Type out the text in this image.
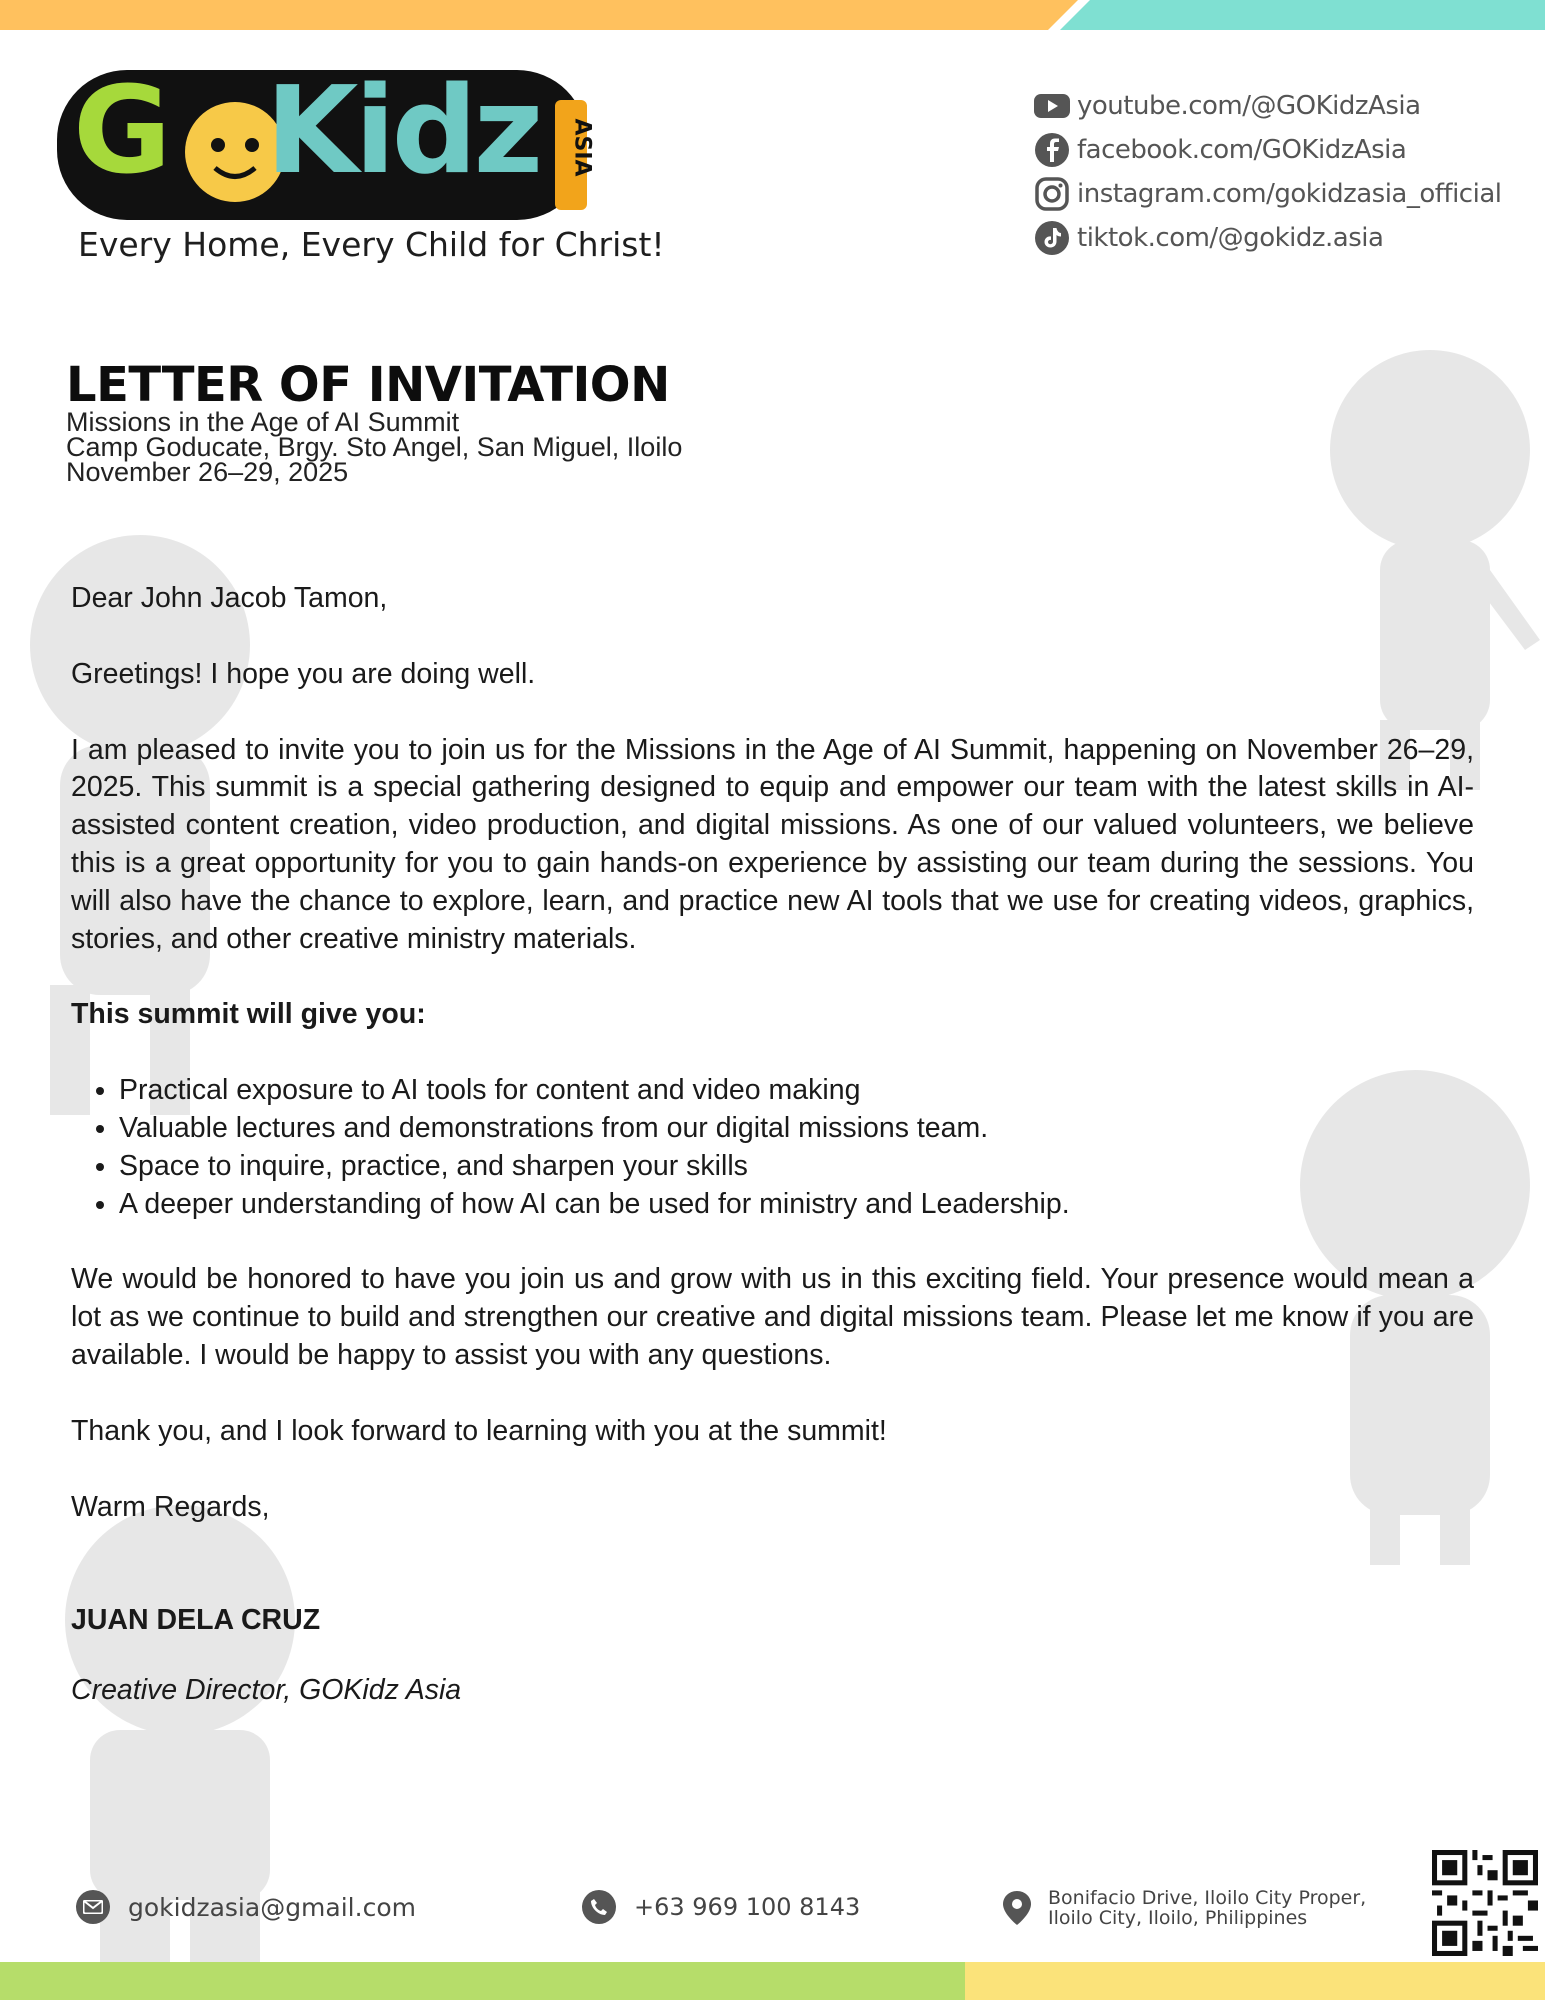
G Kidz ASIA
Every Home, Every Child for Christ!
youtube.com/@GOKidzAsia
facebook.com/GOKidzAsia
instagram.com/gokidzasia_official
tiktok.com/@gokidz.asia
LETTER OF INVITATION
Missions in the Age of AI Summit
Camp Goducate, Brgy. Sto Angel, San Miguel, Iloilo
November 26–29, 2025

Dear John Jacob Tamon,

Greetings! I hope you are doing well.

I am pleased to invite you to join us for the Missions in the Age of AI Summit, happening on November 26–29, 2025. This summit is a special gathering designed to equip and empower our team with the latest skills in AI-assisted content creation, video production, and digital missions. As one of our valued volunteers, we believe this is a great opportunity for you to gain hands-on experience by assisting our team during the sessions. You will also have the chance to explore, learn, and practice new AI tools that we use for creating videos, graphics, stories, and other creative ministry materials.

This summit will give you:

• Practical exposure to AI tools for content and video making
• Valuable lectures and demonstrations from our digital missions team.
• Space to inquire, practice, and sharpen your skills
• A deeper understanding of how AI can be used for ministry and Leadership.

We would be honored to have you join us and grow with us in this exciting field. Your presence would mean a lot as we continue to build and strengthen our creative and digital missions team. Please let me know if you are available. I would be happy to assist you with any questions.

Thank you, and I look forward to learning with you at the summit!

Warm Regards,

JUAN DELA CRUZ

Creative Director, GOKidz Asia

gokidzasia@gmail.com	+63 969 100 8143	Bonifacio Drive, Iloilo City Proper,
Iloilo City, Iloilo, Philippines
